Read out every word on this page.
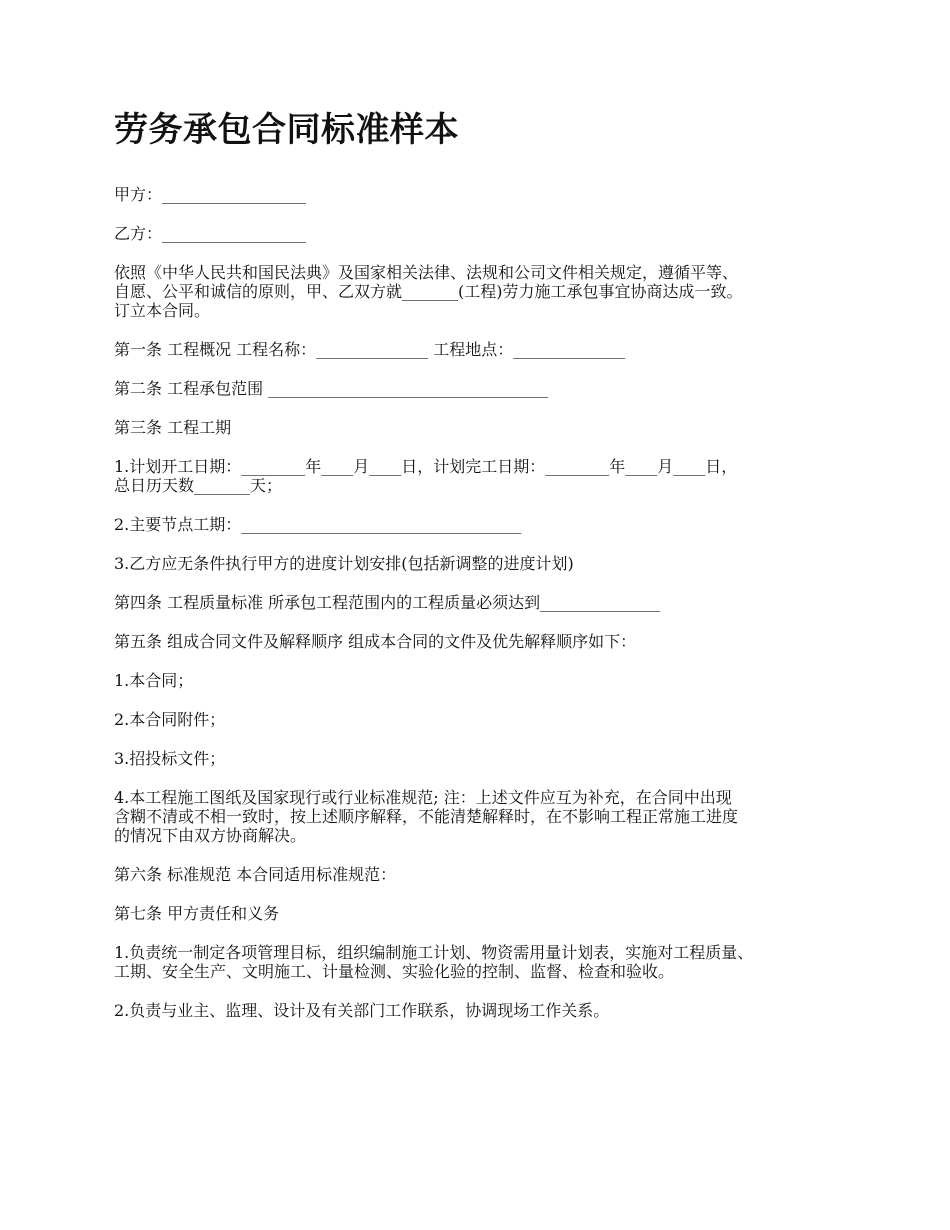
劳务承包合同标准样本
甲方：__________________
乙方：__________________
依照《中华人民共和国民法典》及国家相关法律、法规和公司文件相关规定，遵循平等、
自愿、公平和诚信的原则，甲、乙双方就_______(工程)劳力施工承包事宜协商达成一致。
订立本合同。
第一条 工程概况 工程名称：______________ 工程地点：______________
第二条 工程承包范围 ___________________________________
第三条 工程工期
1.计划开工日期：________年____月____日，计划完工日期：________年____月____日，
总日历天数_______天；
2.主要节点工期：___________________________________
3.乙方应无条件执行甲方的进度计划安排(包括新调整的进度计划)
第四条 工程质量标准 所承包工程范围内的工程质量必须达到_______________
第五条 组成合同文件及解释顺序 组成本合同的文件及优先解释顺序如下：
1.本合同；
2.本合同附件；
3.招投标文件；
4.本工程施工图纸及国家现行或行业标准规范; 注：上述文件应互为补充，在合同中出现
含糊不清或不相一致时，按上述顺序解释，不能清楚解释时，在不影响工程正常施工进度
的情况下由双方协商解决。
第六条 标准规范 本合同适用标准规范：
第七条 甲方责任和义务
1.负责统一制定各项管理目标，组织编制施工计划、物资需用量计划表，实施对工程质量、
工期、安全生产、文明施工、计量检测、实验化验的控制、监督、检查和验收。
2.负责与业主、监理、设计及有关部门工作联系，协调现场工作关系。
